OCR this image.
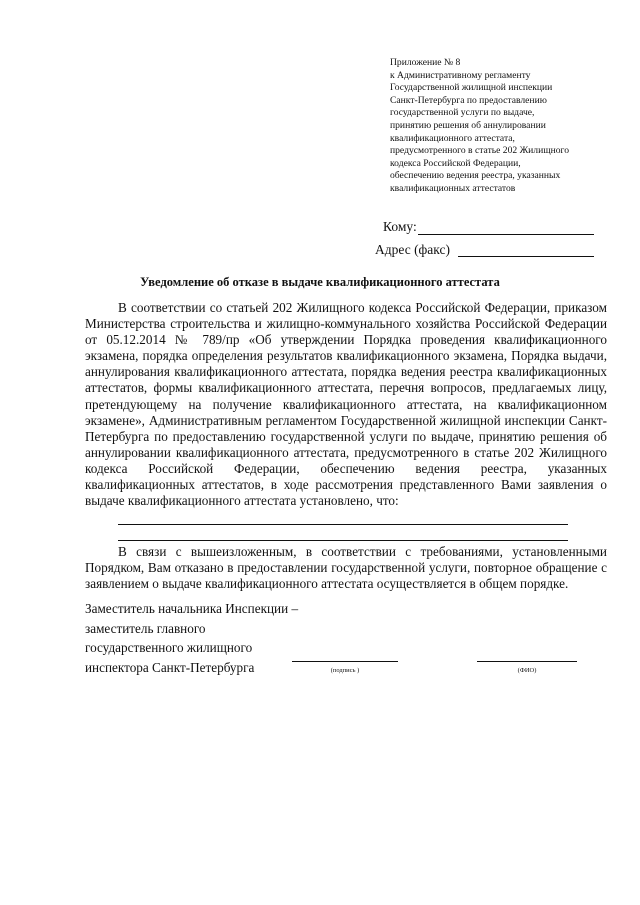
Приложение № 8
к Административному регламенту
Государственной жилищной инспекции
Санкт-Петербурга по предоставлению
государственной услуги по выдаче,
принятию решения об аннулировании
квалификационного аттестата,
предусмотренного в статье 202 Жилищного
кодекса Российской Федерации,
обеспечению ведения реестра, указанных
квалификационных аттестатов
Кому:
Адрес (факс)
Уведомление об отказе в выдаче квалификационного аттестата

В соответствии со статьей 202 Жилищного кодекса Российской Федерации, приказом Министерства строительства и жилищно-коммунального хозяйства Российской Федерации от 05.12.2014 № 789/пр «Об утверждении Порядка проведения квалификационного экзамена, порядка определения результатов квалификационного экзамена, Порядка выдачи, аннулирования квалификационного аттестата, порядка ведения реестра квалификационных аттестатов, формы квалификационного аттестата, перечня вопросов, предлагаемых лицу, претендующему на получение квалификационного аттестата, на квалификационном экзамене», Административным регламентом Государственной жилищной инспекции Санкт-Петербурга по предоставлению государственной услуги по выдаче, принятию решения об аннулировании квалификационного аттестата, предусмотренного в статье 202 Жилищного кодекса Российской Федерации, обеспечению ведения реестра, указанных квалификационных аттестатов, в ходе рассмотрения представленного Вами заявления о выдаче квалификационного аттестата установлено, что:

В связи с вышеизложенным, в соответствии с требованиями, установленными Порядком, Вам отказано в предоставлении государственной услуги, повторное обращение с заявлением о выдаче квалификационного аттестата осуществляется в общем порядке.

Заместитель начальника Инспекции –
заместитель главного
государственного жилищного
инспектора Санкт-Петербурга	(подпись )	(ФИО)
